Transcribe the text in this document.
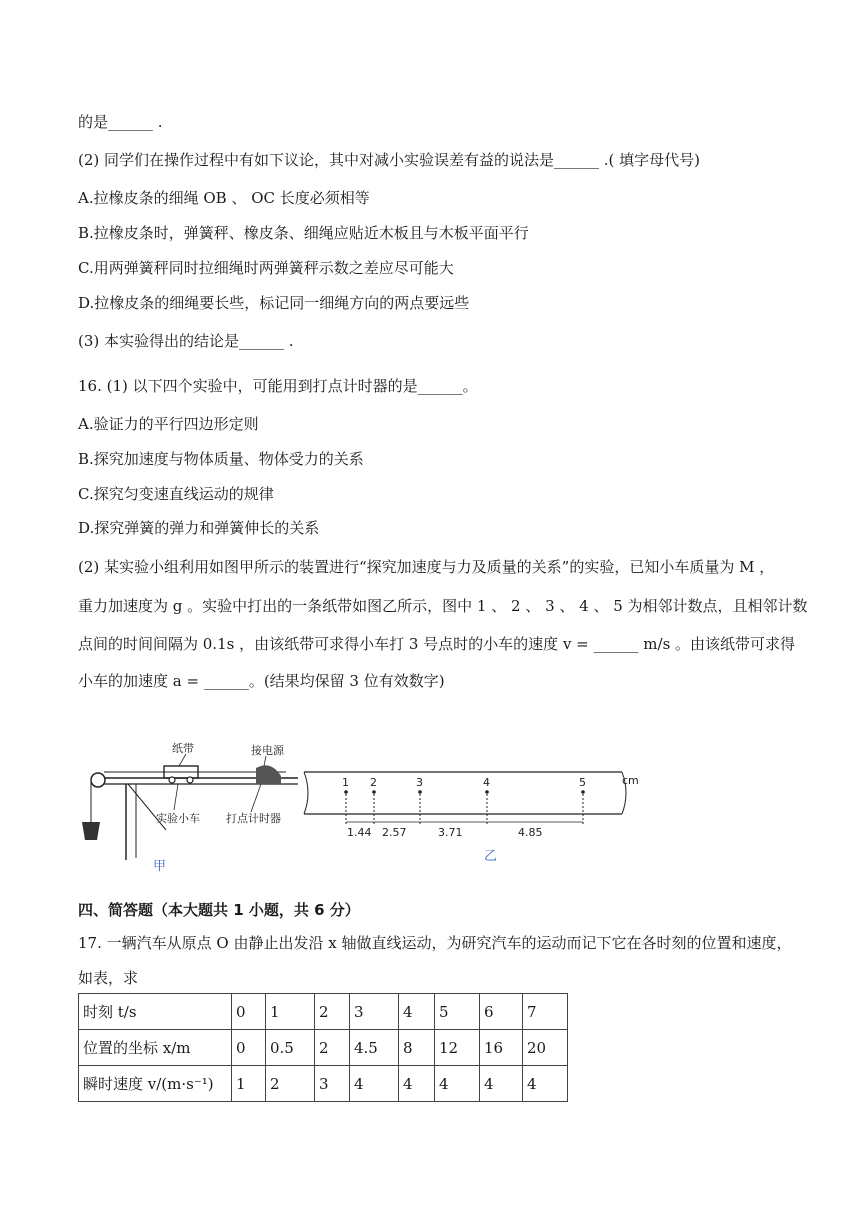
的是______ .
(2) 同学们在操作过程中有如下议论，其中对减小实验误差有益的说法是______ .( 填字母代号)
A.拉橡皮条的细绳 OB 、 OC 长度必须相等
B.拉橡皮条时，弹簧秤、橡皮条、细绳应贴近木板且与木板平面平行
C.用两弹簧秤同时拉细绳时两弹簧秤示数之差应尽可能大
D.拉橡皮条的细绳要长些，标记同一细绳方向的两点要远些
(3) 本实验得出的结论是______ .
16. (1) 以下四个实验中，可能用到打点计时器的是______。
A.验证力的平行四边形定则
B.探究加速度与物体质量、物体受力的关系
C.探究匀变速直线运动的规律
D.探究弹簧的弹力和弹簧伸长的关系
(2) 某实验小组利用如图甲所示的装置进行“探究加速度与力及质量的关系”的实验，已知小车质量为 M ，
重力加速度为 g 。实验中打出的一条纸带如图乙所示，图中 1 、 2 、 3 、 4 、 5 为相邻计数点，且相邻计数
点间的时间间隔为 0.1s ，由该纸带可求得小车打 3 号点时的小车的速度 v = ______ m/s 。由该纸带可求得
小车的加速度 a = ______。(结果均保留 3 位有效数字)
纸带	接电源
实验小车 打点计时器
甲
cm
1 2	3	4	5
1.44 2.57	3.71	4.85
乙
四、简答题（本大题共 1 小题，共 6 分）
17. 一辆汽车从原点 O 由静止出发沿 x 轴做直线运动，为研究汽车的运动而记下它在各时刻的位置和速度，
如表，求
时刻 t/s	0	1	2	3	4	5	6	7
位置的坐标 x/m	0	0.5	2	4.5	8	12	16	20
瞬时速度 v/(m·s⁻¹)	1	2	3	4	4	4	4	4
